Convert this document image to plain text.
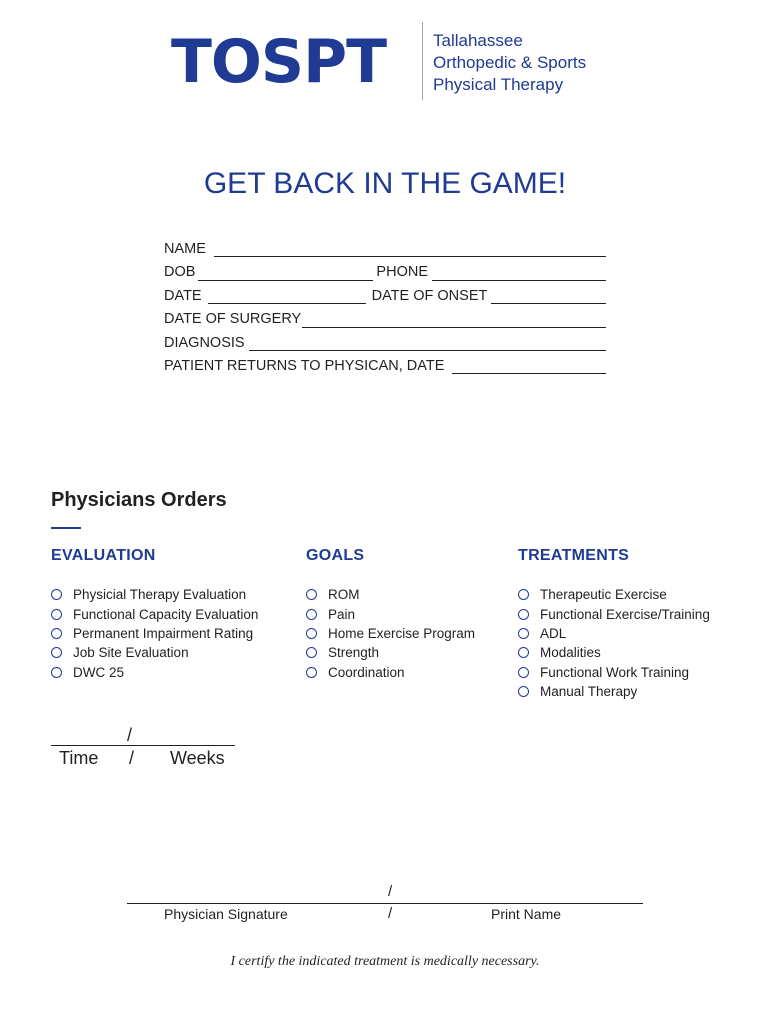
TOSPT	Tallahassee
Orthopedic & Sports
Physical Therapy
GET BACK IN THE GAME!
NAME
DOB	PHONE
DATE	DATE OF ONSET
DATE OF SURGERY
DIAGNOSIS
PATIENT RETURNS TO PHYSICAN, DATE
Physicians Orders
EVALUATION	GOALS	TREATMENTS
Physicial Therapy Evaluation
Functional Capacity Evaluation
Permanent Impairment Rating
Job Site Evaluation
DWC 25
ROM
Pain
Home Exercise Program
Strength
Coordination
Therapeutic Exercise
Functional Exercise/Training
ADL
Modalities
Functional Work Training
Manual Therapy
/
Time / Weeks
/
Physician Signature	/	Print Name
I certify the indicated treatment is medically necessary.
